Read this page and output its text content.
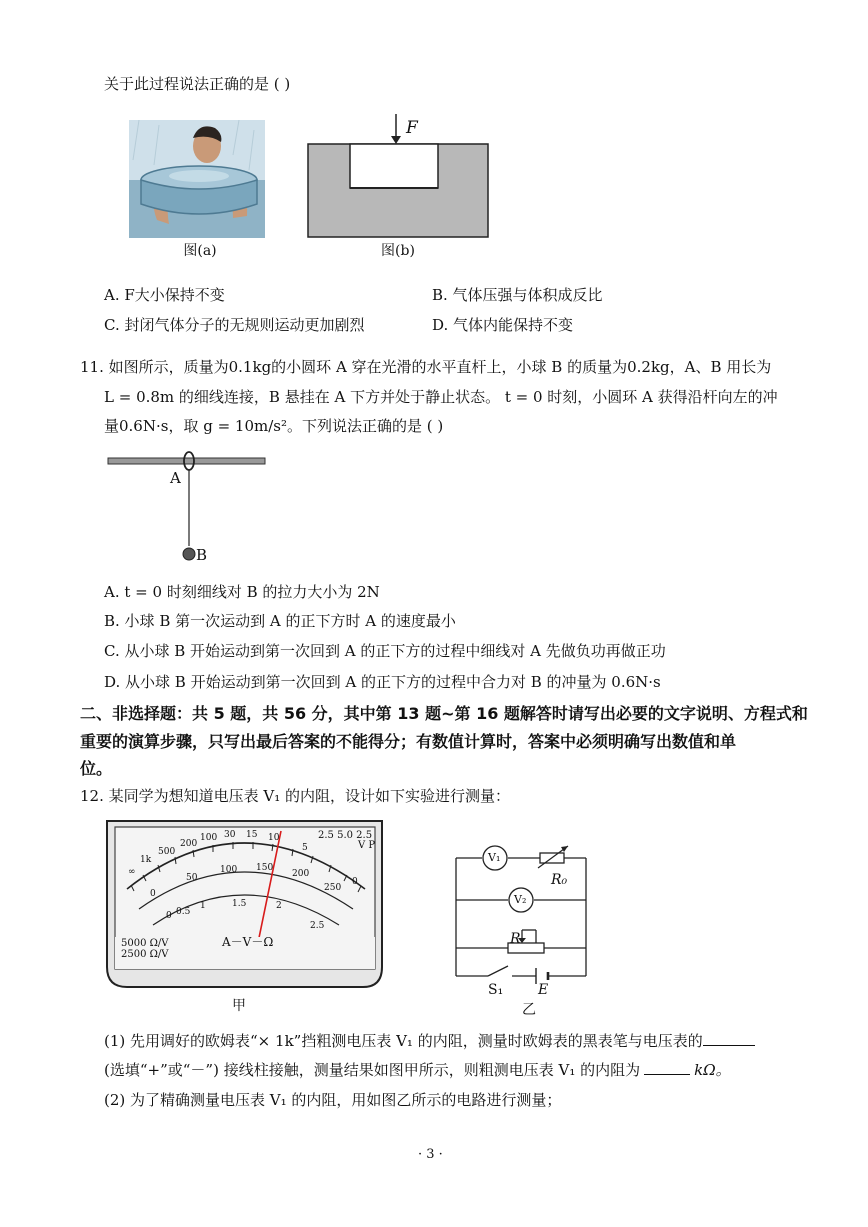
关于此过程说法正确的是 ( )
图(a)
F
图(b)
A. F大小保持不变	B. 气体压强与体积成反比
C. 封闭气体分子的无规则运动更加剧烈	D. 气体内能保持不变
11. 如图所示，质量为0.1kg的小圆环 A 穿在光滑的水平直杆上，小球 B 的质量为0.2kg，A、B 用长为
L = 0.8m 的细线连接，B 悬挂在 A 下方并处于静止状态。 t = 0 时刻，小圆环 A 获得沿杆向左的冲
量0.6N·s，取 g = 10m/s²。下列说法正确的是 ( )
A
B
A. t = 0 时刻细线对 B 的拉力大小为 2N
B. 小球 B 第一次运动到 A 的正下方时 A 的速度最小
C. 从小球 B 开始运动到第一次回到 A 的正下方的过程中细线对 A 先做负功再做正功
D. 从小球 B 开始运动到第一次回到 A 的正下方的过程中合力对 B 的冲量为 0.6N·s
二、非选择题：共 5 题，共 56 分，其中第 13 题~第 16 题解答时请写出必要的文字说明、方程式和
重要的演算步骤，只写出最后答案的不能得分；有数值计算时，答案中必须明确写出数值和单
位。
12. 某同学为想知道电压表 V₁ 的内阻，设计如下实验进行测量：
5000 Ω/V
2500 Ω/V
A－V－Ω
2.5 5.0 2.5
V P
∞
1k
500
200
100 30 15 10
5
0
0
50
100 150
200
250
0 0.5
1	1.5	2
2.5
甲
V₁
V₂
R₀
R
S₁ E
乙
(1) 先用调好的欧姆表“× 1k”挡粗测电压表 V₁ 的内阻，测量时欧姆表的黑表笔与电压表的
(选填“+”或“－”) 接线柱接触，测量结果如图甲所示，则粗测电压表 V₁ 的内阻为	kΩ。
(2) 为了精确测量电压表 V₁ 的内阻，用如图乙所示的电路进行测量；
· 3 ·
